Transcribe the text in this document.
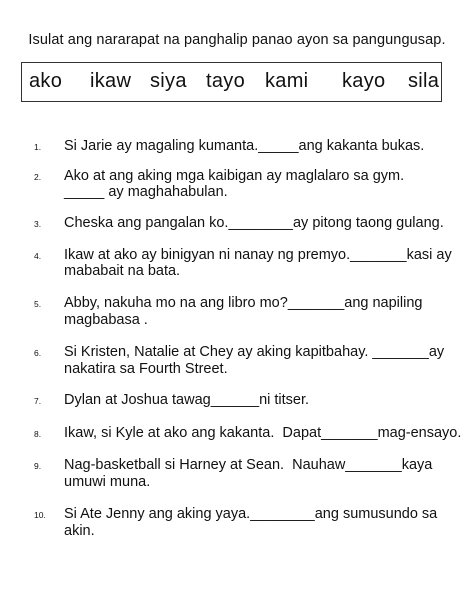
Isulat ang nararapat na panghalip panao ayon sa pangungusap.
ako ikaw siya tayo kami kayo sila
1. Si Jarie ay magaling kumanta._____ang kakanta bukas.
2. Ako at ang aking mga kaibigan ay maglalaro sa gym.
_____ ay maghahabulan.
3. Cheska ang pangalan ko.________ay pitong taong gulang.
4. Ikaw at ako ay binigyan ni nanay ng premyo._______kasi ay
mababait na bata.
5. Abby, nakuha mo na ang libro mo?_______ang napiling
magbabasa .
6. Si Kristen, Natalie at Chey ay aking kapitbahay. _______ay
nakatira sa Fourth Street.
7. Dylan at Joshua tawag______ni titser.
8. Ikaw, si Kyle at ako ang kakanta.  Dapat_______mag-ensayo.
9. Nag-basketball si Harney at Sean.  Nauhaw_______kaya
umuwi muna.
10. Si Ate Jenny ang aking yaya.________ang sumusundo sa
akin.
